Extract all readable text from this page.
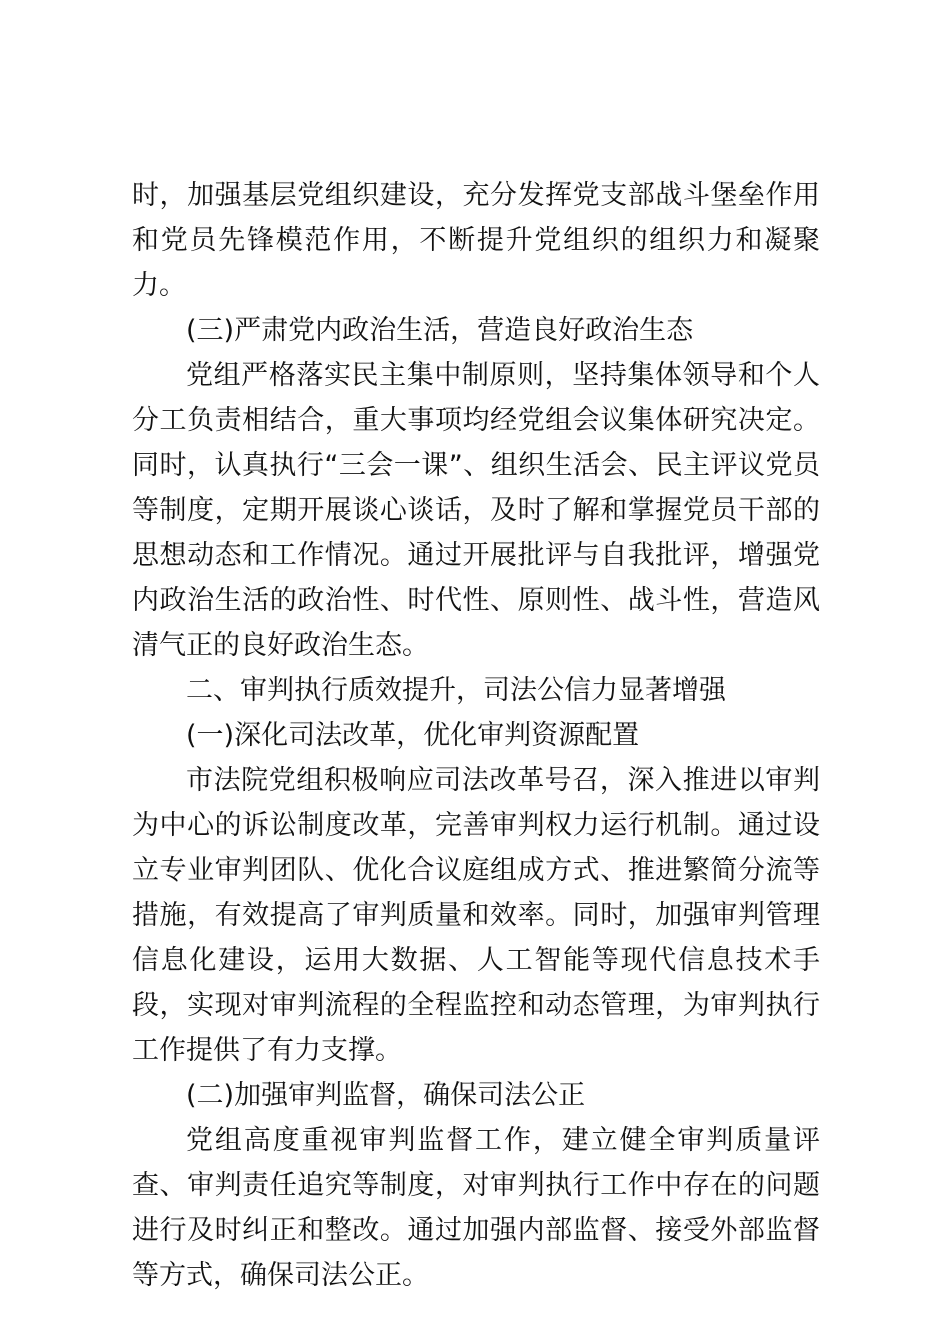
时，加强基层党组织建设，充分发挥党支部战斗堡垒作用和党员先锋模范作用，不断提升党组织的组织力和凝聚力。

(三)严肃党内政治生活，营造良好政治生态

党组严格落实民主集中制原则，坚持集体领导和个人分工负责相结合，重大事项均经党组会议集体研究决定。同时，认真执行“三会一课”、组织生活会、民主评议党员等制度，定期开展谈心谈话，及时了解和掌握党员干部的思想动态和工作情况。通过开展批评与自我批评，增强党内政治生活的政治性、时代性、原则性、战斗性，营造风清气正的良好政治生态。

二、审判执行质效提升，司法公信力显著增强

(一)深化司法改革，优化审判资源配置

市法院党组积极响应司法改革号召，深入推进以审判为中心的诉讼制度改革，完善审判权力运行机制。通过设立专业审判团队、优化合议庭组成方式、推进繁简分流等措施，有效提高了审判质量和效率。同时，加强审判管理信息化建设，运用大数据、人工智能等现代信息技术手段，实现对审判流程的全程监控和动态管理，为审判执行工作提供了有力支撑。

(二)加强审判监督，确保司法公正

党组高度重视审判监督工作，建立健全审判质量评查、审判责任追究等制度，对审判执行工作中存在的问题进行及时纠正和整改。通过加强内部监督、接受外部监督等方式，确保司法公正。
